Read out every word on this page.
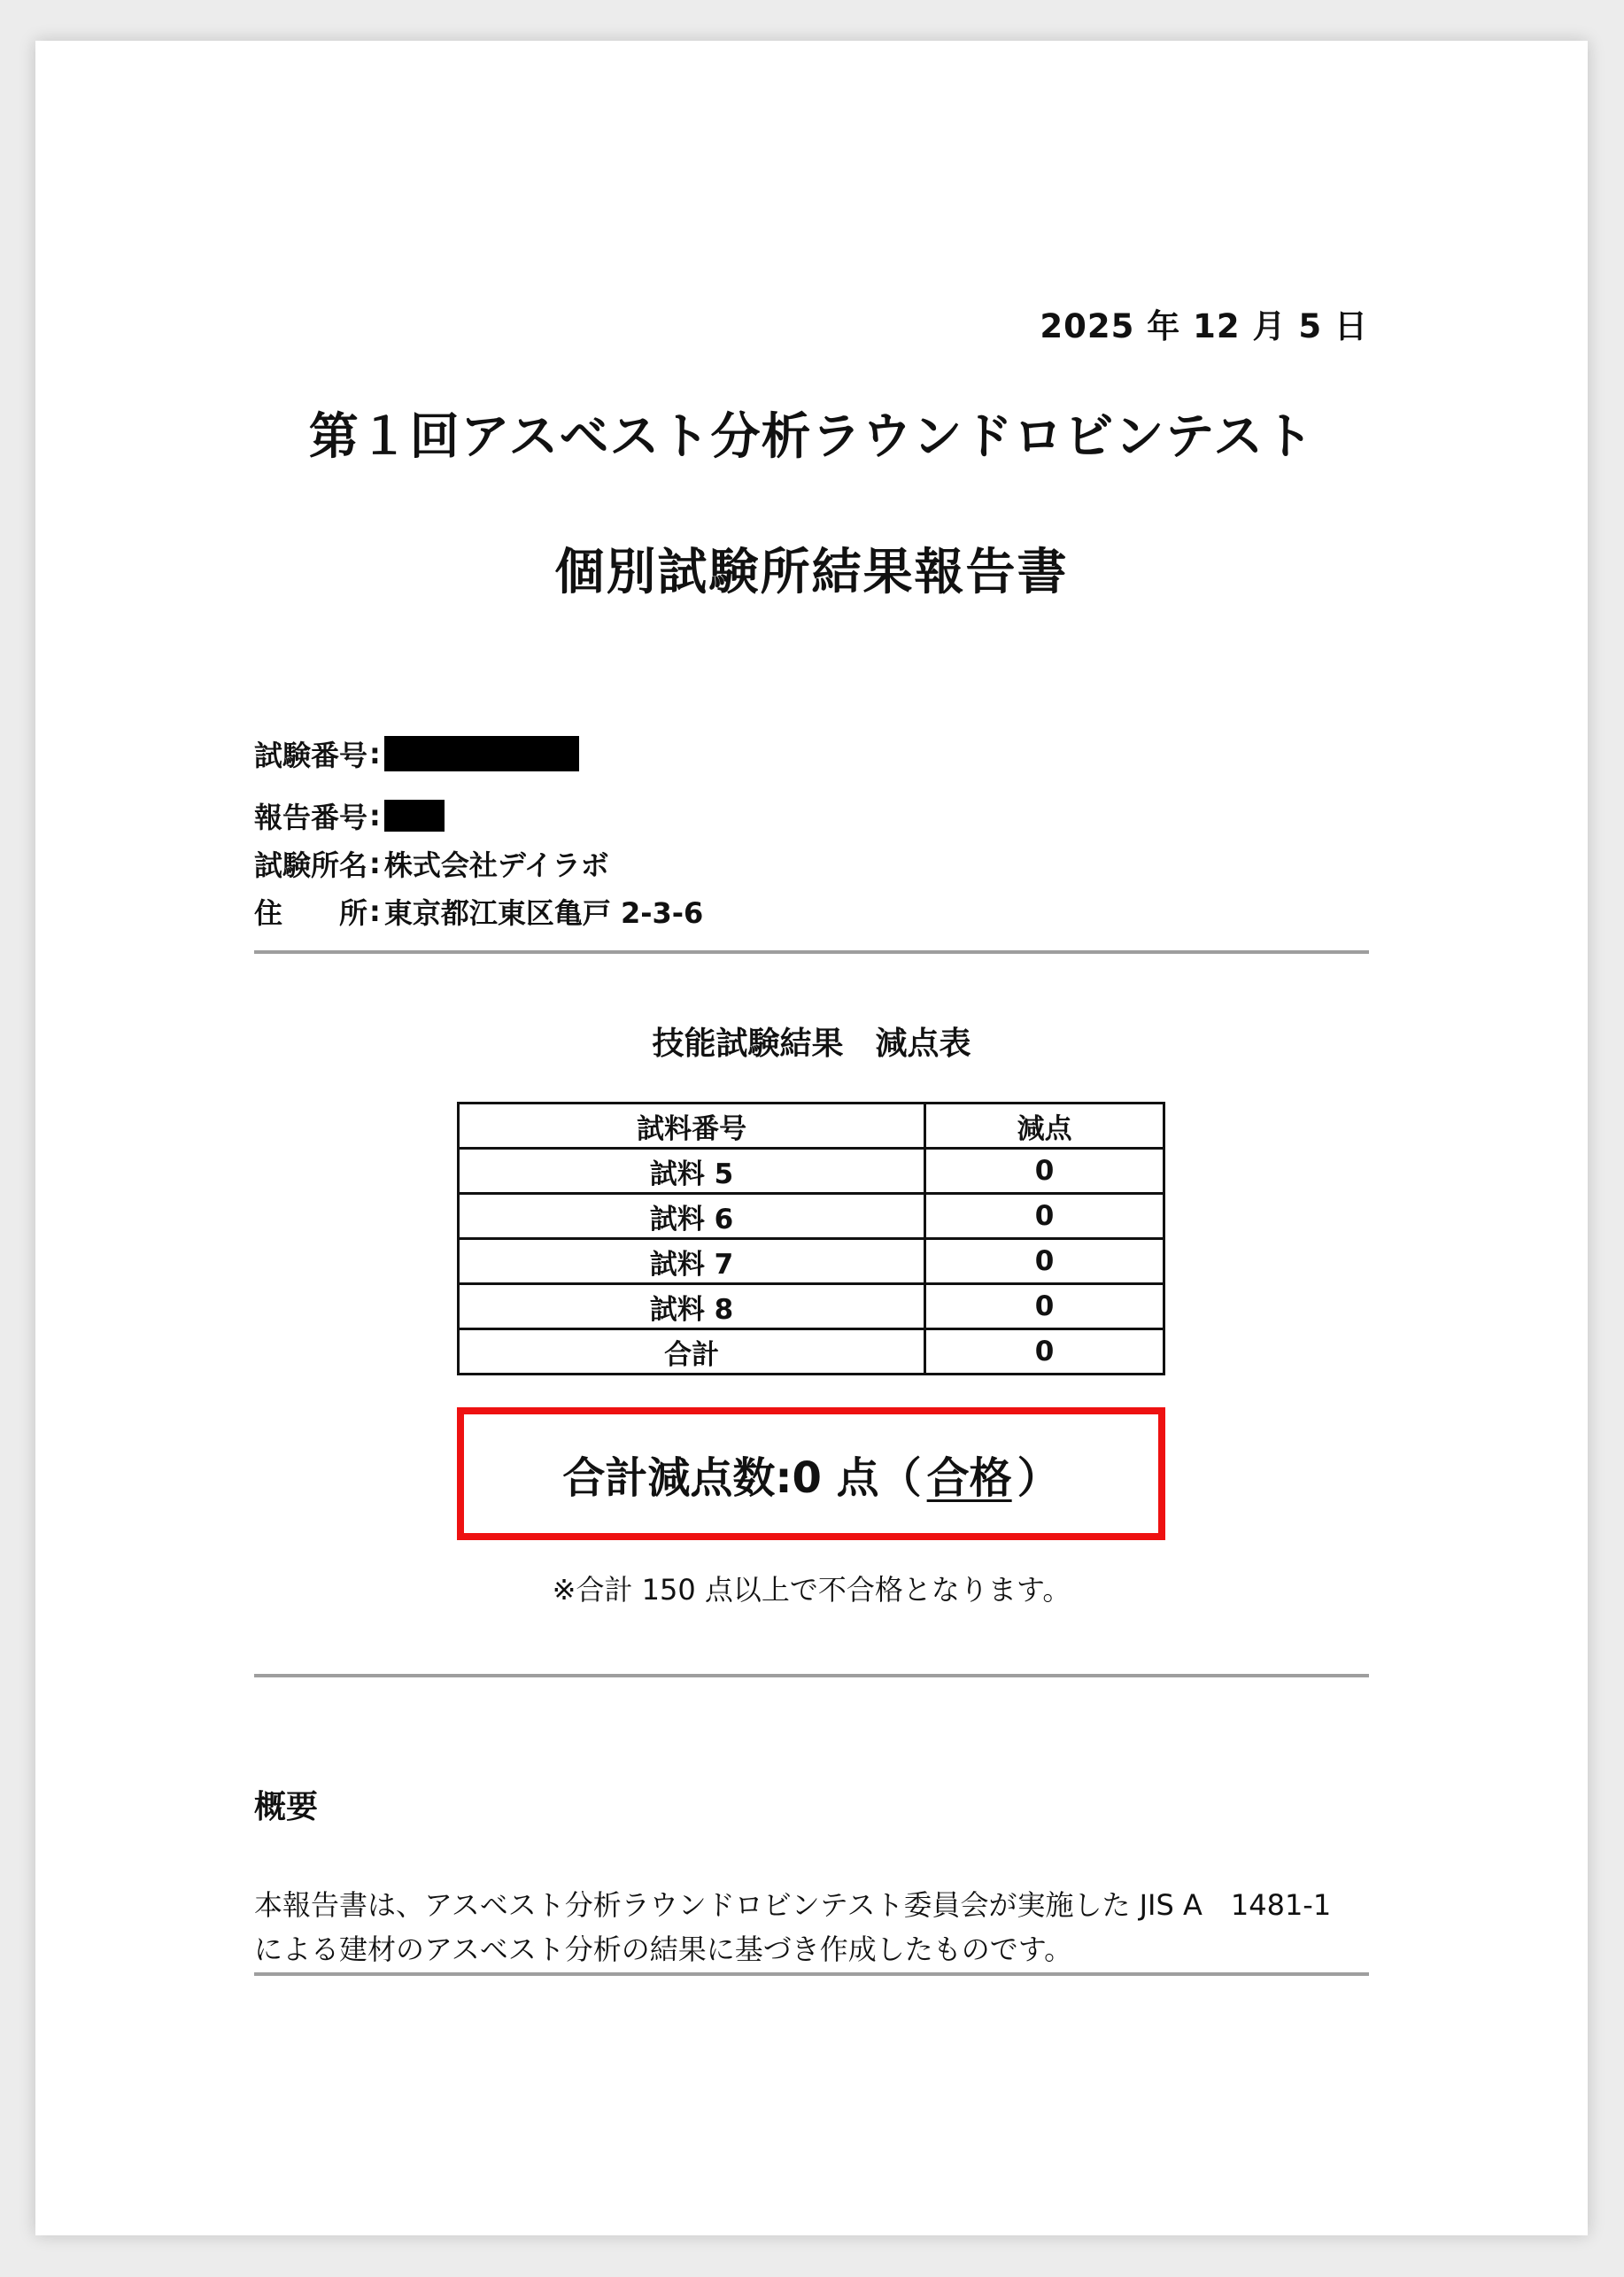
2025 年 12 月 5 日
第１回アスベスト分析ラウンドロビンテスト
個別試験所結果報告書
試験番号 :
報告番号 :
試験所名 : 株式会社デイラボ
住　　所 : 東京都江東区亀戸 2-3-6
技能試験結果　減点表
試料番号	減点
試料 5	0
試料 6	0
試料 7	0
試料 8	0
合計	0
合計減点数:0 点（ 合格 ）
※合計 150 点以上で不合格となります。
概要
本報告書は、アスベスト分析ラウンドロビンテスト委員会が実施した JIS A　1481-1
による建材のアスベスト分析の結果に基づき作成したものです。
